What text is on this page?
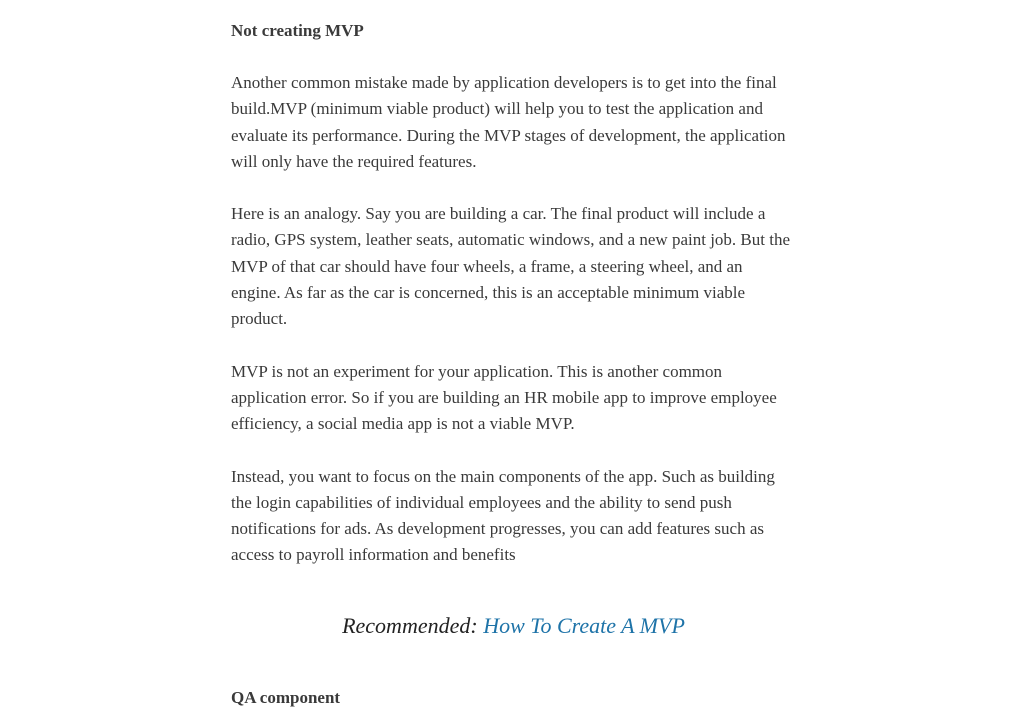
Not creating MVP

Another common mistake made by application developers is to get into the final build.MVP (minimum viable product) will help you to test the application and evaluate its performance. During the MVP stages of development, the application will only have the required features.

Here is an analogy. Say you are building a car. The final product will include a radio, GPS system, leather seats, automatic windows, and a new paint job. But the MVP of that car should have four wheels, a frame, a steering wheel, and an engine. As far as the car is concerned, this is an acceptable minimum viable product.

MVP is not an experiment for your application. This is another common application error. So if you are building an HR mobile app to improve employee efficiency, a social media app is not a viable MVP.

Instead, you want to focus on the main components of the app. Such as building the login capabilities of individual employees and the ability to send push notifications for ads. As development progresses, you can add features such as access to payroll information and benefits

Recommended: How To Create A MVP

QA component
